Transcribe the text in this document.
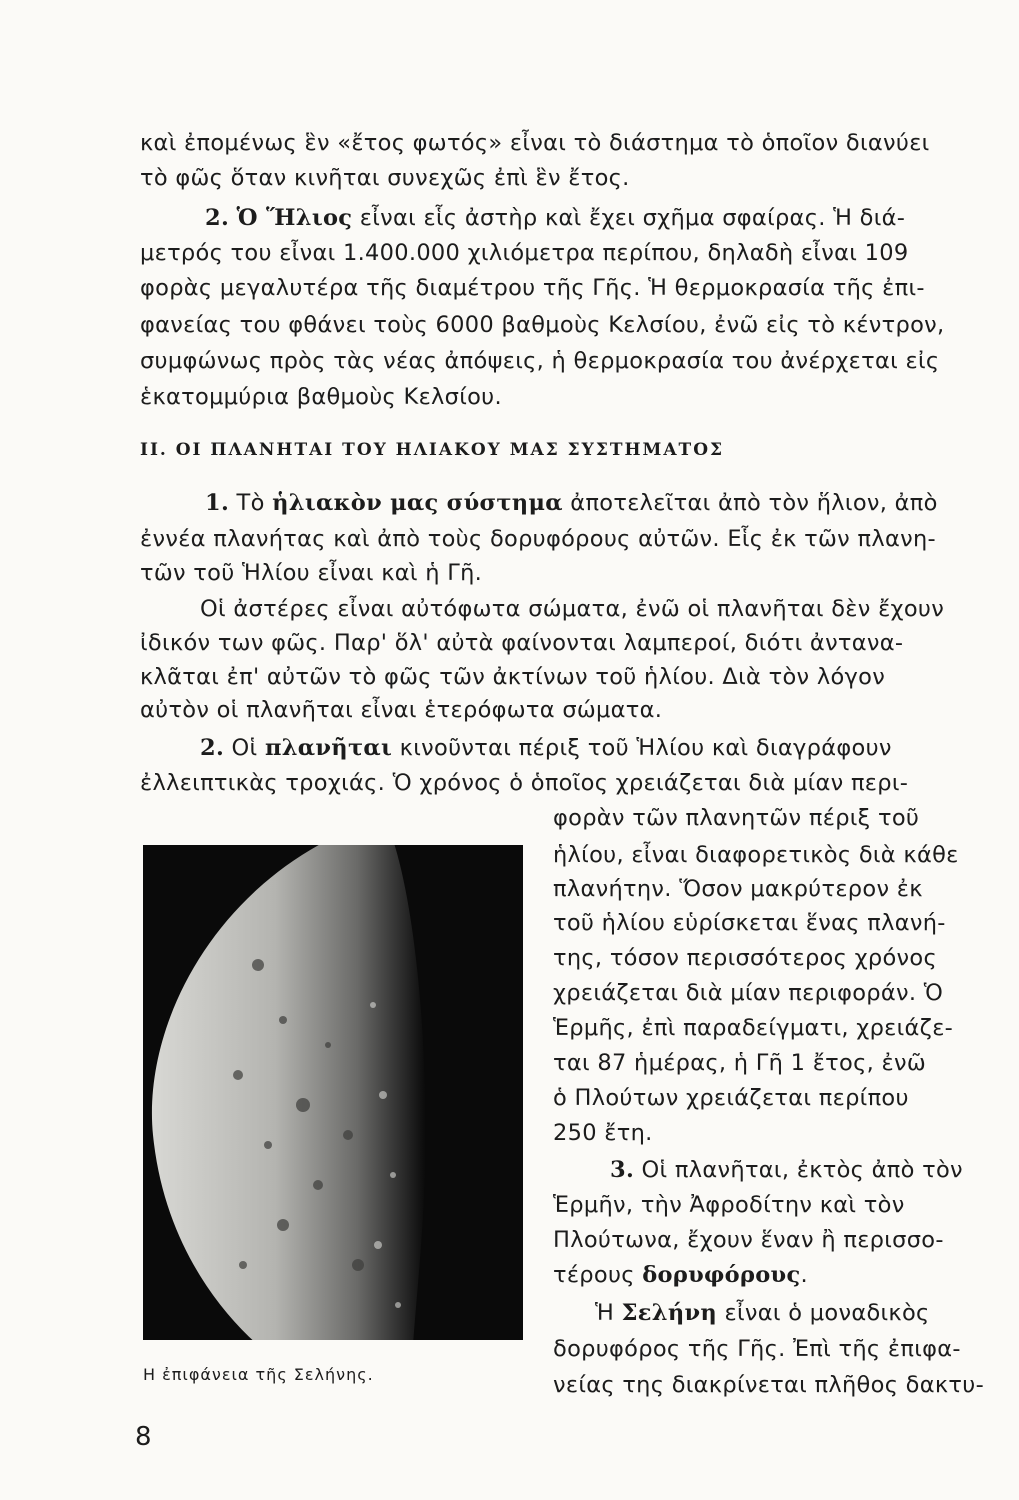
καὶ ἐπομένως ἓν «ἔτος φωτός» εἶναι τὸ διάστημα τὸ ὁποῖον διανύει
τὸ φῶς ὅταν κινῆται συνεχῶς ἐπὶ ἓν ἔτος.
2. Ὁ Ἥλιος εἶναι εἷς ἀστὴρ καὶ ἔχει σχῆμα σφαίρας. Ἡ διά-
μετρός του εἶναι 1.400.000 χιλιόμετρα περίπου, δηλαδὴ εἶναι 109
φορὰς μεγαλυτέρα τῆς διαμέτρου τῆς Γῆς. Ἡ θερμοκρασία τῆς ἐπι-
φανείας του φθάνει τοὺς 6000 βαθμοὺς Κελσίου, ἐνῶ εἰς τὸ κέντρον,
συμφώνως πρὸς τὰς νέας ἀπόψεις, ἡ θερμοκρασία του ἀνέρχεται εἰς
ἑκατομμύρια βαθμοὺς Κελσίου.
II. ΟΙ ΠΛΑΝΗΤΑΙ ΤΟΥ ΗΛΙΑΚΟΥ ΜΑΣ ΣΥΣΤΗΜΑΤΟΣ
1. Τὸ ἡλιακὸν μας σύστημα ἀποτελεῖται ἀπὸ τὸν ἥλιον, ἀπὸ
ἐννέα πλανήτας καὶ ἀπὸ τοὺς δορυφόρους αὐτῶν. Εἷς ἐκ τῶν πλανη-
τῶν τοῦ Ἡλίου εἶναι καὶ ἡ Γῆ.
Οἱ ἀστέρες εἶναι αὐτόφωτα σώματα, ἐνῶ οἱ πλανῆται δὲν ἔχουν
ἰδικόν των φῶς. Παρ' ὅλ' αὐτὰ φαίνονται λαμπεροί, διότι ἀντανα-
κλᾶται ἐπ' αὐτῶν τὸ φῶς τῶν ἀκτίνων τοῦ ἡλίου. Διὰ τὸν λόγον
αὐτὸν οἱ πλανῆται εἶναι ἑτερόφωτα σώματα.
2. Οἱ πλανῆται κινοῦνται πέριξ τοῦ Ἡλίου καὶ διαγράφουν
ἐλλειπτικὰς τροχιάς. Ὁ χρόνος ὁ ὁποῖος χρειάζεται διὰ μίαν περι-
φορὰν τῶν πλανητῶν πέριξ τοῦ
ἡλίου, εἶναι διαφορετικὸς διὰ κάθε
πλανήτην. Ὅσον μακρύτερον ἐκ
τοῦ ἡλίου εὑρίσκεται ἕνας πλανή-
της, τόσον περισσότερος χρόνος
χρειάζεται διὰ μίαν περιφοράν. Ὁ
Ἑρμῆς, ἐπὶ παραδείγματι, χρειάζε-
ται 87 ἡμέρας, ἡ Γῆ 1 ἔτος, ἐνῶ
ὁ Πλούτων χρειάζεται περίπου
250 ἔτη.
3. Οἱ πλανῆται, ἐκτὸς ἀπὸ τὸν
Ἑρμῆν, τὴν Ἀφροδίτην καὶ τὸν
Πλούτωνα, ἔχουν ἕναν ἢ περισσο-
τέρους δορυφόρους.
Ἡ Σελήνη εἶναι ὁ μοναδικὸς
δορυφόρος τῆς Γῆς. Ἐπὶ τῆς ἐπιφα-
νείας της διακρίνεται πλῆθος δακτυ-
Η ἐπιφάνεια τῆς Σελήνης.
8
